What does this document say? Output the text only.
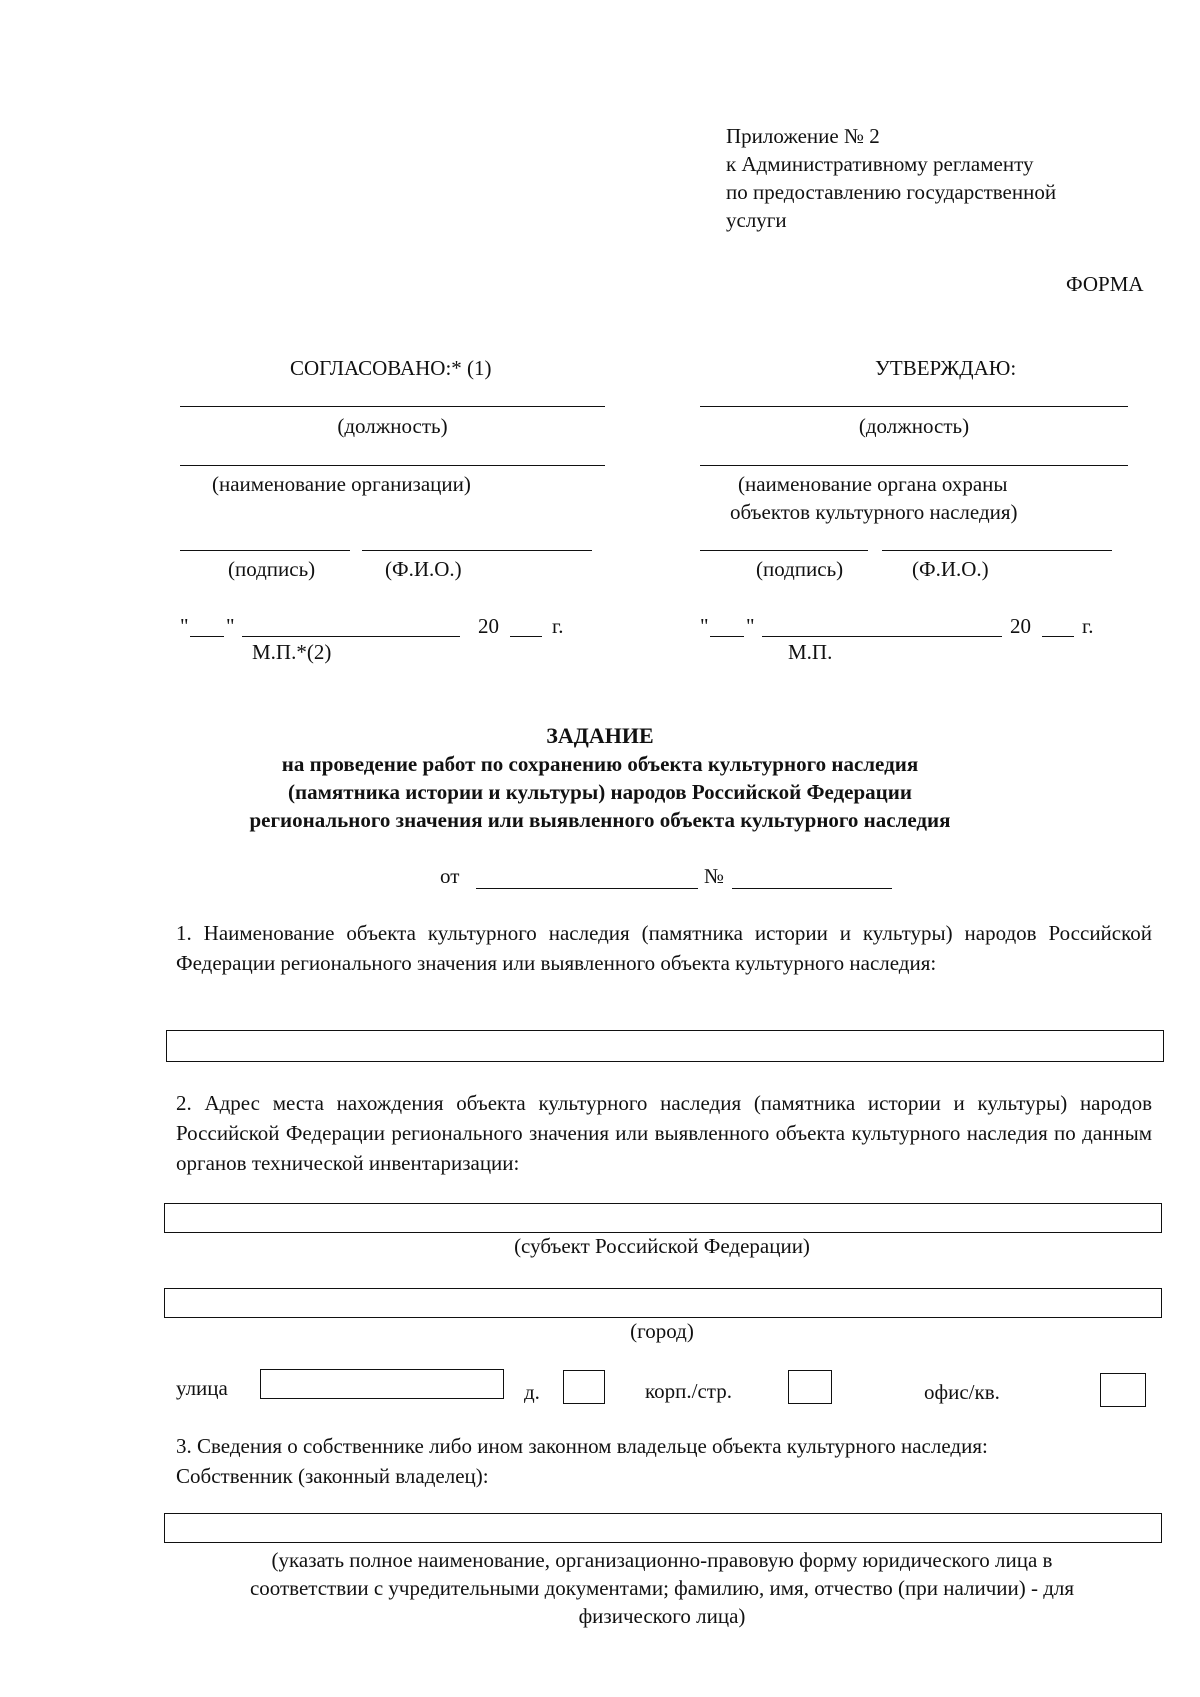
Приложение № 2
к Административному регламенту
по предоставлению государственной
услуги
ФОРМА
СОГЛАСОВАНО:* (1)
(должность)
(наименование организации)
(подпись)	(Ф.И.О.)
" "	20	г.
М.П.*(2)
УТВЕРЖДАЮ:
(должность)
(наименование органа охраны
объектов культурного наследия)
(подпись)	(Ф.И.О.)
" "	20 г.
М.П.
ЗАДАНИЕ
на проведение работ по сохранению объекта культурного наследия
(памятника истории и культуры) народов Российской Федерации
регионального значения или выявленного объекта культурного наследия
от	№
1. Наименование объекта культурного наследия (памятника истории и культуры) народов Российской Федерации регионального значения или выявленного объекта культурного наследия:
2. Адрес места нахождения объекта культурного наследия (памятника истории и культуры) народов Российской Федерации регионального значения или выявленного объекта культурного наследия по данным органов технической инвентаризации:
(субъект Российской Федерации)
(город)
улица	д.	корп./стр.	офис/кв.
3. Сведения о собственнике либо ином законном владельце объекта культурного наследия:
Собственник (законный владелец):
(указать полное наименование, организационно-правовую форму юридического лица в
соответствии с учредительными документами; фамилию, имя, отчество (при наличии) - для
физического лица)
